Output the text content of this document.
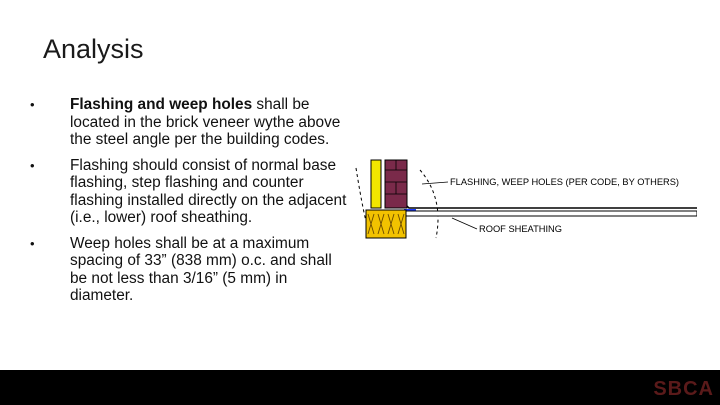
Analysis
• Flashing and weep holes shall be located in the brick veneer wythe above the steel angle per the building codes.
• Flashing should consist of normal base flashing, step flashing and counter flashing installed directly on the adjacent (i.e., lower) roof sheathing.
• Weep holes shall be at a maximum spacing of 33” (838 mm) o.c. and shall be not less than 3/16” (5 mm) in diameter.
FLASHING, WEEP HOLES (PER CODE, BY OTHERS)
ROOF SHEATHING
SBCA
